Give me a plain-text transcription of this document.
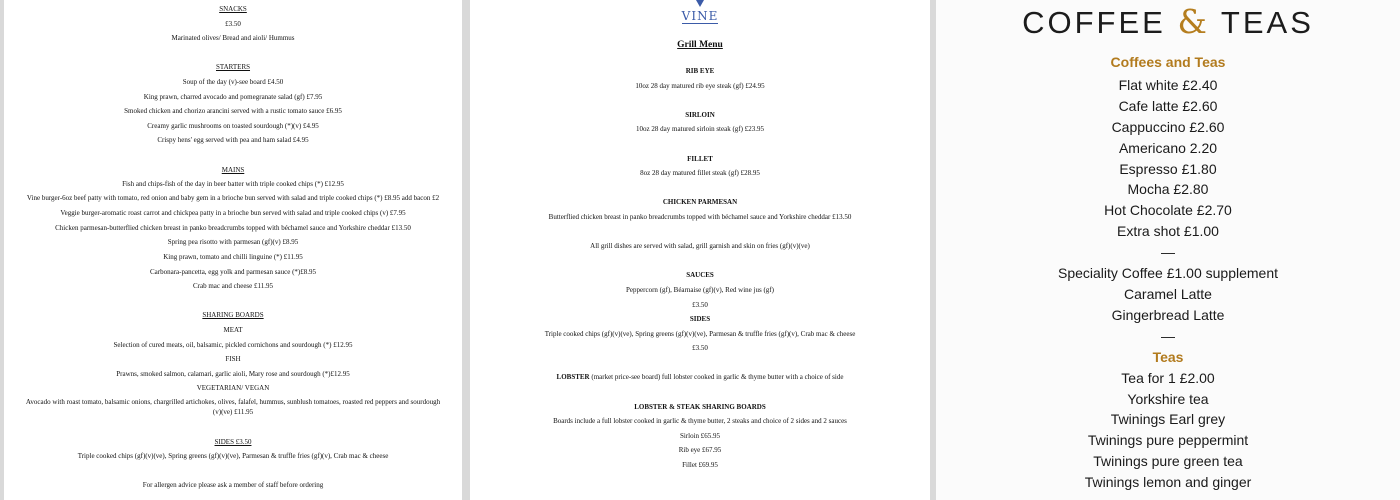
SNACKS
£3.50
Marinated olives/ Bread and aioli/ Hummus
STARTERS
Soup of the day (v)-see board £4.50
King prawn, charred avocado and pomegranate salad (gf) £7.95
Smoked chicken and chorizo arancini served with a rustic tomato sauce £6.95
Creamy garlic mushrooms on toasted sourdough (*)(v) £4.95
Crispy hens' egg served with pea and ham salad £4.95
MAINS
Fish and chips-fish of the day in beer batter with triple cooked chips (*) £12.95
Vine burger-6oz beef patty with tomato, red onion and baby gem in a brioche bun served with salad and triple cooked chips (*) £8.95 add bacon £2
Veggie burger-aromatic roast carrot and chickpea patty in a brioche bun served with salad and triple cooked chips (v) £7.95
Chicken parmesan-butterflied chicken breast in panko breadcrumbs topped with béchamel sauce and Yorkshire cheddar £13.50
Spring pea risotto with parmesan (gf)(v) £8.95
King prawn, tomato and chilli linguine (*) £11.95
Carbonara-pancetta, egg yolk and parmesan sauce (*)£8.95
Crab mac and cheese £11.95
SHARING BOARDS
MEAT
Selection of cured meats, oil, balsamic, pickled cornichons and sourdough (*) £12.95
FISH
Prawns, smoked salmon, calamari, garlic aioli, Mary rose and sourdough (*)£12.95
VEGETARIAN/ VEGAN
Avocado with roast tomato, balsamic onions, chargrilled artichokes, olives, falafel, hummus, sunblush tomatoes, roasted red peppers and sourdough (v)(ve) £11.95
SIDES £3.50
Triple cooked chips (gf)(v)(ve), Spring greens (gf)(v)(ve), Parmesan & truffle fries (gf)(v), Crab mac & cheese
For allergen advice please ask a member of staff before ordering
VINE
Grill Menu
RIB EYE
10oz 28 day matured rib eye steak (gf) £24.95
SIRLOIN
10oz 28 day matured sirloin steak (gf) £23.95
FILLET
8oz 28 day matured fillet steak (gf) £28.95
CHICKEN PARMESAN
Butterflied chicken breast in panko breadcrumbs topped with béchamel sauce and Yorkshire cheddar £13.50
All grill dishes are served with salad, grill garnish and skin on fries (gf)(v)(ve)
SAUCES
Peppercorn (gf), Béarnaise (gf)(v), Red wine jus (gf)
£3.50
SIDES
Triple cooked chips (gf)(v)(ve), Spring greens (gf)(v)(ve), Parmesan & truffle fries (gf)(v), Crab mac & cheese
£3.50
LOBSTER (market price-see board) full lobster cooked in garlic & thyme butter with a choice of side
LOBSTER & STEAK SHARING BOARDS
Boards include a full lobster cooked in garlic & thyme butter, 2 steaks and choice of 2 sides and 2 sauces
Sirloin £65.95
Rib eye £67.95
Fillet £69.95
COFFEE & TEAS
Coffees and Teas
Flat white £2.40
Cafe latte £2.60
Cappuccino £2.60
Americano 2.20
Espresso £1.80
Mocha £2.80
Hot Chocolate £2.70
Extra shot £1.00
—
Speciality Coffee £1.00 supplement
Caramel Latte
Gingerbread Latte
—
Teas
Tea for 1 £2.00
Yorkshire tea
Twinings Earl grey
Twinings pure peppermint
Twinings pure green tea
Twinings lemon and ginger
